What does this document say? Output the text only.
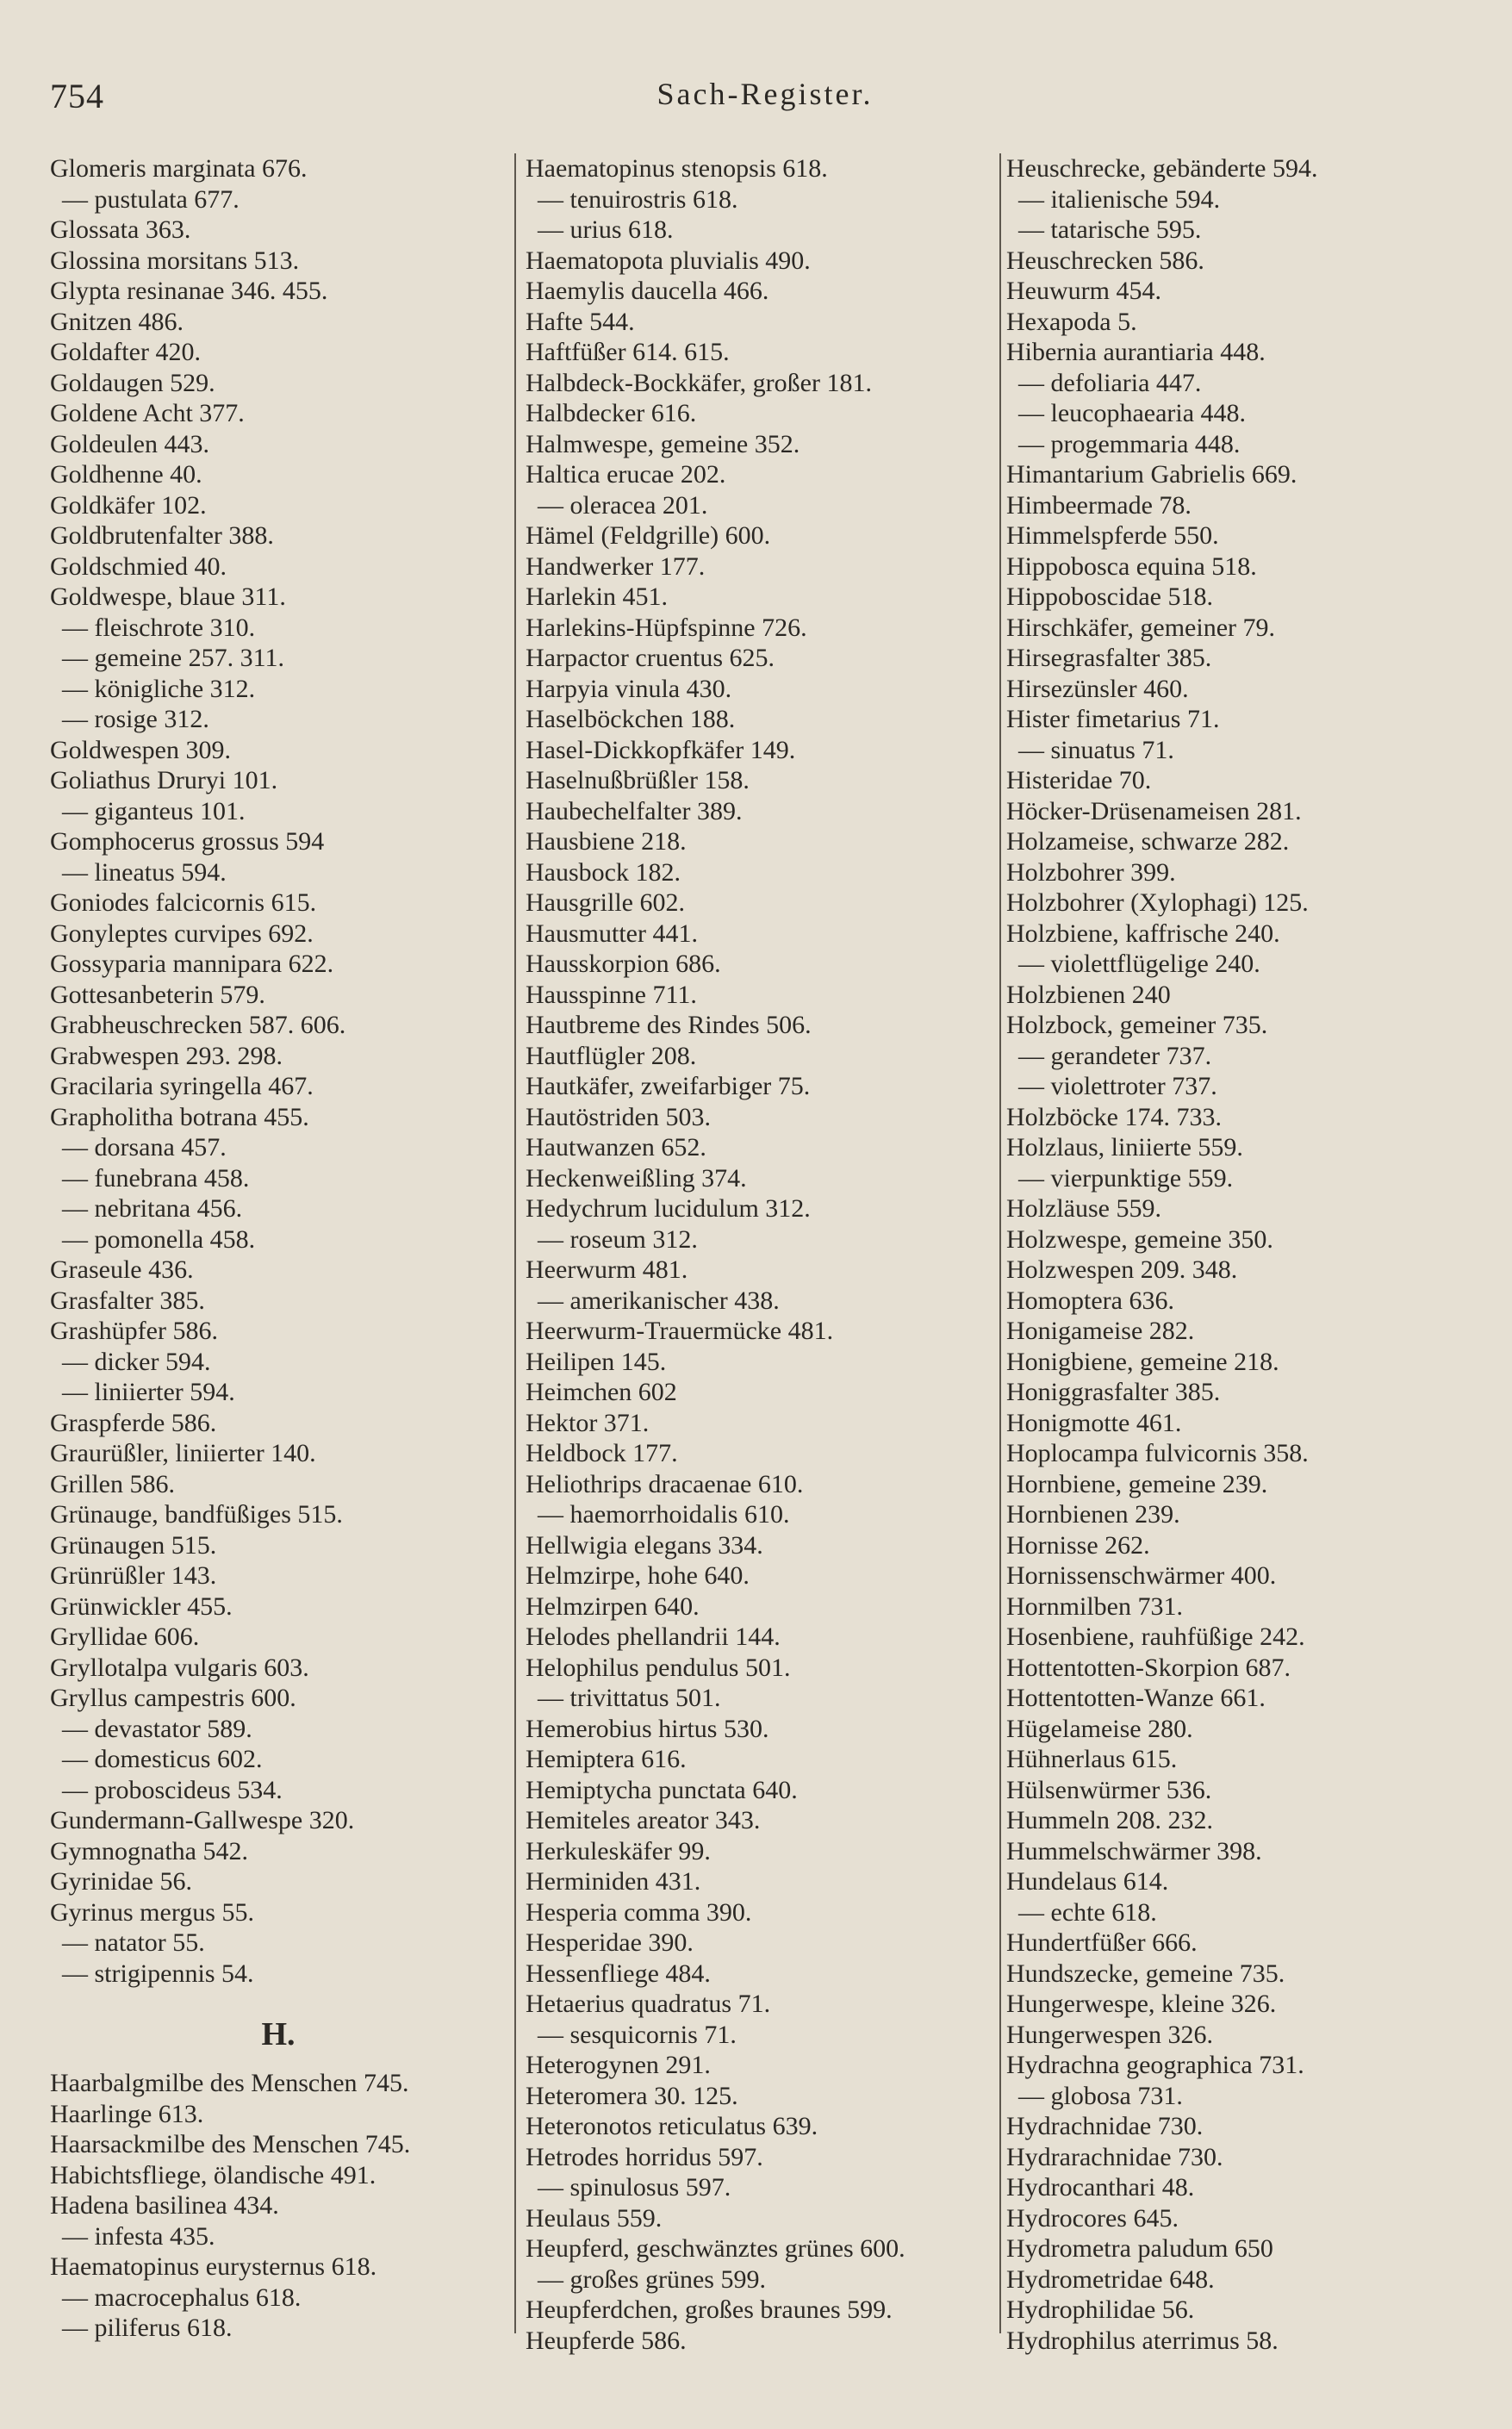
754	Sach-Register.
Glomeris marginata 676.
— pustulata 677.
Glossata 363.
Glossina morsitans 513.
Glypta resinanae 346. 455.
Gnitzen 486.
Goldafter 420.
Goldaugen 529.
Goldene Acht 377.
Goldeulen 443.
Goldhenne 40.
Goldkäfer 102.
Goldbrutenfalter 388.
Goldschmied 40.
Goldwespe, blaue 311.
— fleischrote 310.
— gemeine 257. 311.
— königliche 312.
— rosige 312.
Goldwespen 309.
Goliathus Druryi 101.
— giganteus 101.
Gomphocerus grossus 594
— lineatus 594.
Goniodes falcicornis 615.
Gonyleptes curvipes 692.
Gossyparia mannipara 622.
Gottesanbeterin 579.
Grabheuschrecken 587. 606.
Grabwespen 293. 298.
Gracilaria syringella 467.
Grapholitha botrana 455.
— dorsana 457.
— funebrana 458.
— nebritana 456.
— pomonella 458.
Graseule 436.
Grasfalter 385.
Grashüpfer 586.
— dicker 594.
— liniierter 594.
Graspferde 586.
Graurüßler, liniierter 140.
Grillen 586.
Grünauge, bandfüßiges 515.
Grünaugen 515.
Grünrüßler 143.
Grünwickler 455.
Gryllidae 606.
Gryllotalpa vulgaris 603.
Gryllus campestris 600.
— devastator 589.
— domesticus 602.
— proboscideus 534.
Gundermann-Gallwespe 320.
Gymnognatha 542.
Gyrinidae 56.
Gyrinus mergus 55.
— natator 55.
— strigipennis 54.
H.
Haarbalgmilbe des Menschen 745.
Haarlinge 613.
Haarsackmilbe des Menschen 745.
Habichtsfliege, ölandische 491.
Hadena basilinea 434.
— infesta 435.
Haematopinus eurysternus 618.
— macrocephalus 618.
— piliferus 618.
Haematopinus stenopsis 618.
— tenuirostris 618.
— urius 618.
Haematopota pluvialis 490.
Haemylis daucella 466.
Hafte 544.
Haftfüßer 614. 615.
Halbdeck-Bockkäfer, großer 181.
Halbdecker 616.
Halmwespe, gemeine 352.
Haltica erucae 202.
— oleracea 201.
Hämel (Feldgrille) 600.
Handwerker 177.
Harlekin 451.
Harlekins-Hüpfspinne 726.
Harpactor cruentus 625.
Harpyia vinula 430.
Haselböckchen 188.
Hasel-Dickkopfkäfer 149.
Haselnußbrüßler 158.
Haubechelfalter 389.
Hausbiene 218.
Hausbock 182.
Hausgrille 602.
Hausmutter 441.
Hausskorpion 686.
Hausspinne 711.
Hautbreme des Rindes 506.
Hautflügler 208.
Hautkäfer, zweifarbiger 75.
Hautöstriden 503.
Hautwanzen 652.
Heckenweißling 374.
Hedychrum lucidulum 312.
— roseum 312.
Heerwurm 481.
— amerikanischer 438.
Heerwurm-Trauermücke 481.
Heilipen 145.
Heimchen 602
Hektor 371.
Heldbock 177.
Heliothrips dracaenae 610.
— haemorrhoidalis 610.
Hellwigia elegans 334.
Helmzirpe, hohe 640.
Helmzirpen 640.
Helodes phellandrii 144.
Helophilus pendulus 501.
— trivittatus 501.
Hemerobius hirtus 530.
Hemiptera 616.
Hemiptycha punctata 640.
Hemiteles areator 343.
Herkuleskäfer 99.
Herminiden 431.
Hesperia comma 390.
Hesperidae 390.
Hessenfliege 484.
Hetaerius quadratus 71.
— sesquicornis 71.
Heterogynen 291.
Heteromera 30. 125.
Heteronotos reticulatus 639.
Hetrodes horridus 597.
— spinulosus 597.
Heulaus 559.
Heupferd, geschwänztes grünes 600.
— großes grünes 599.
Heupferdchen, großes braunes 599.
Heupferde 586.
Heuschrecke, gebänderte 594.
— italienische 594.
— tatarische 595.
Heuschrecken 586.
Heuwurm 454.
Hexapoda 5.
Hibernia aurantiaria 448.
— defoliaria 447.
— leucophaearia 448.
— progemmaria 448.
Himantarium Gabrielis 669.
Himbeermade 78.
Himmelspferde 550.
Hippobosca equina 518.
Hippoboscidae 518.
Hirschkäfer, gemeiner 79.
Hirsegrasfalter 385.
Hirsezünsler 460.
Hister fimetarius 71.
— sinuatus 71.
Histeridae 70.
Höcker-Drüsenameisen 281.
Holzameise, schwarze 282.
Holzbohrer 399.
Holzbohrer (Xylophagi) 125.
Holzbiene, kaffrische 240.
— violettflügelige 240.
Holzbienen 240
Holzbock, gemeiner 735.
— gerandeter 737.
— violettroter 737.
Holzböcke 174. 733.
Holzlaus, liniierte 559.
— vierpunktige 559.
Holzläuse 559.
Holzwespe, gemeine 350.
Holzwespen 209. 348.
Homoptera 636.
Honigameise 282.
Honigbiene, gemeine 218.
Honiggrasfalter 385.
Honigmotte 461.
Hoplocampa fulvicornis 358.
Hornbiene, gemeine 239.
Hornbienen 239.
Hornisse 262.
Hornissenschwärmer 400.
Hornmilben 731.
Hosenbiene, rauhfüßige 242.
Hottentotten-Skorpion 687.
Hottentotten-Wanze 661.
Hügelameise 280.
Hühnerlaus 615.
Hülsenwürmer 536.
Hummeln 208. 232.
Hummelschwärmer 398.
Hundelaus 614.
— echte 618.
Hundertfüßer 666.
Hundszecke, gemeine 735.
Hungerwespe, kleine 326.
Hungerwespen 326.
Hydrachna geographica 731.
— globosa 731.
Hydrachnidae 730.
Hydrarachnidae 730.
Hydrocanthari 48.
Hydrocores 645.
Hydrometra paludum 650
Hydrometridae 648.
Hydrophilidae 56.
Hydrophilus aterrimus 58.
